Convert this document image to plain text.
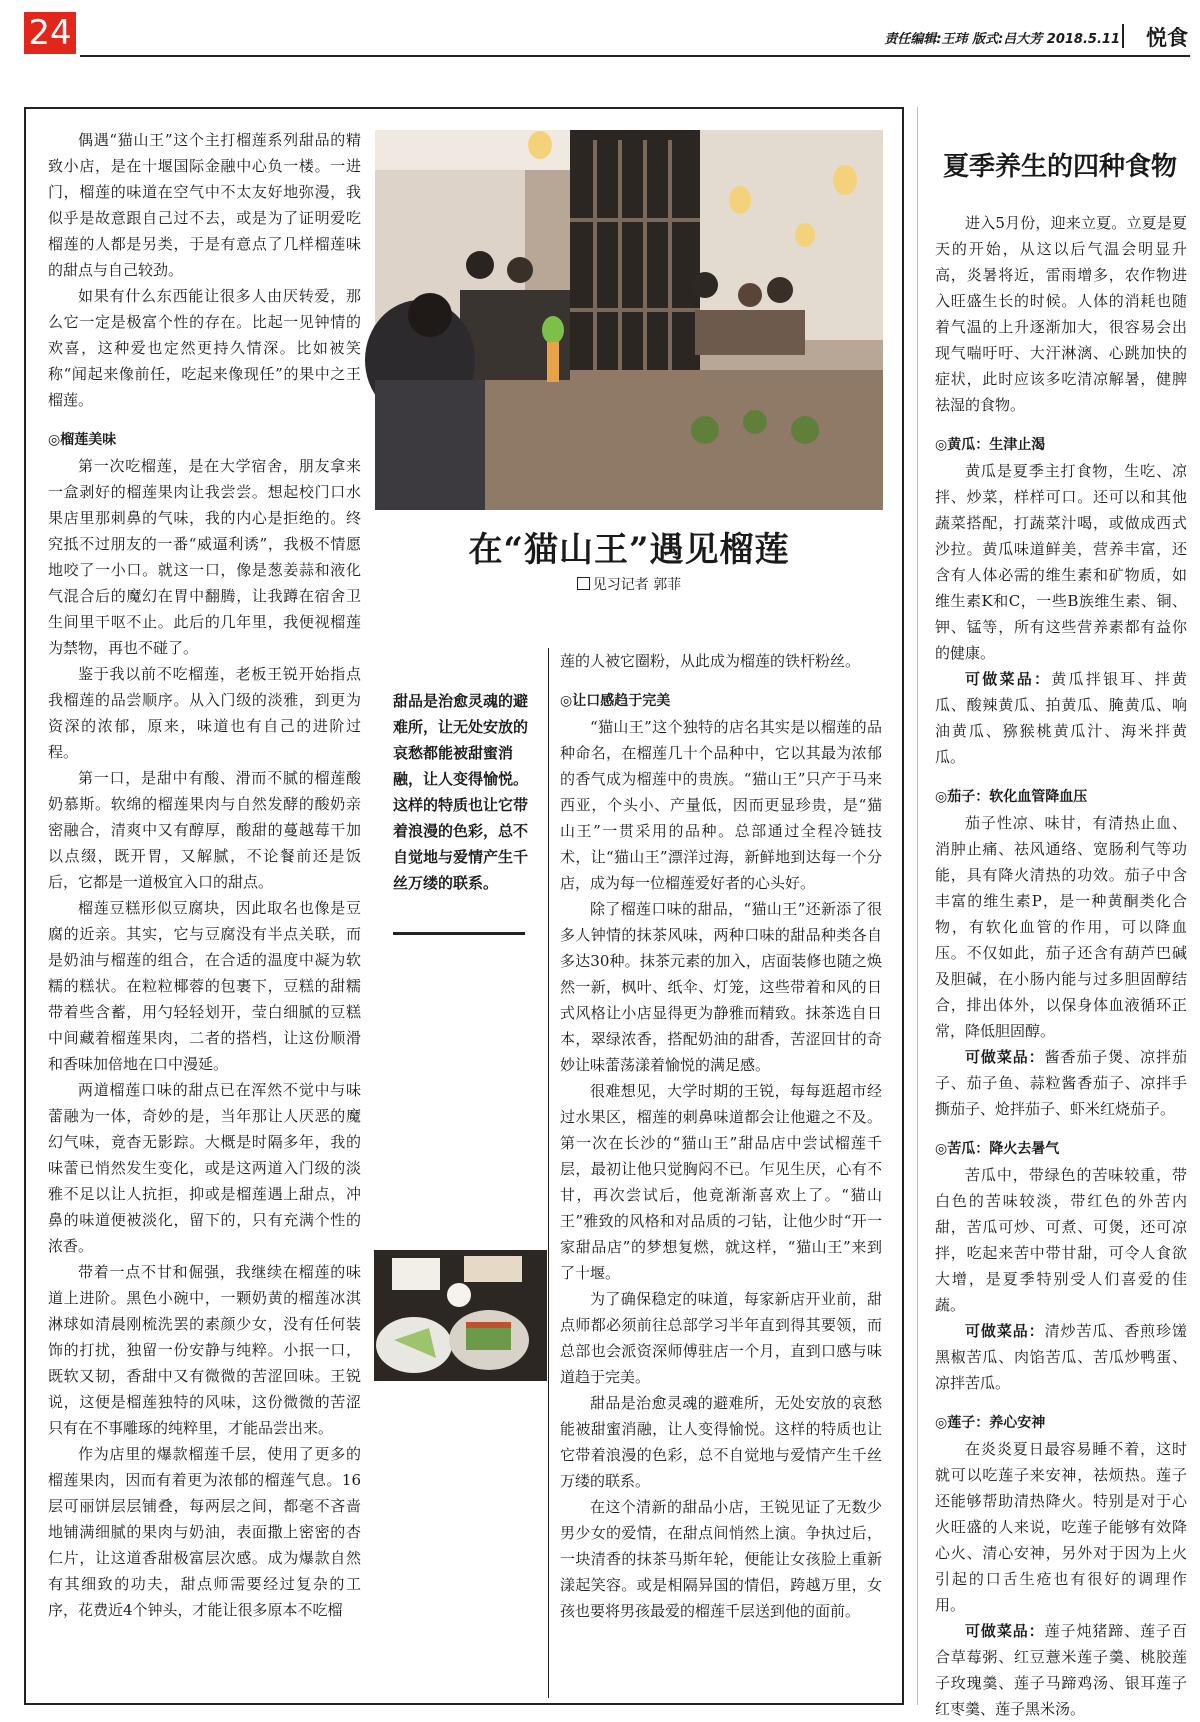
24	责任编辑:王玮 版式:吕大芳 2018.5.11 悦食

偶遇“猫山王”这个主打榴莲系列甜品的精致小店，是在十堰国际金融中心负一楼。一进门，榴莲的味道在空气中不太友好地弥漫，我似乎是故意跟自己过不去，或是为了证明爱吃榴莲的人都是另类，于是有意点了几样榴莲味的甜点与自己较劲。

如果有什么东西能让很多人由厌转爱，那么它一定是极富个性的存在。比起一见钟情的欢喜，这种爱也定然更持久情深。比如被笑称“闻起来像前任，吃起来像现任”的果中之王榴莲。

◎榴莲美味

第一次吃榴莲，是在大学宿舍，朋友拿来一盒剥好的榴莲果肉让我尝尝。想起校门口水果店里那刺鼻的气味，我的内心是拒绝的。终究抵不过朋友的一番“威逼利诱”，我极不情愿地咬了一小口。就这一口，像是葱姜蒜和液化气混合后的魔幻在胃中翻腾，让我蹲在宿舍卫生间里干呕不止。此后的几年里，我便视榴莲为禁物，再也不碰了。

鉴于我以前不吃榴莲，老板王锐开始指点我榴莲的品尝顺序。从入门级的淡雅，到更为资深的浓郁，原来，味道也有自己的进阶过程。

第一口，是甜中有酸、滑而不腻的榴莲酸奶慕斯。软绵的榴莲果肉与自然发酵的酸奶亲密融合，清爽中又有醇厚，酸甜的蔓越莓干加以点缀，既开胃，又解腻，不论餐前还是饭后，它都是一道极宜入口的甜点。

榴莲豆糕形似豆腐块，因此取名也像是豆腐的近亲。其实，它与豆腐没有半点关联，而是奶油与榴莲的组合，在合适的温度中凝为软糯的糕状。在粒粒椰蓉的包裹下，豆糕的甜糯带着些含蓄，用勺轻轻划开，莹白细腻的豆糕中间藏着榴莲果肉，二者的搭档，让这份顺滑和香味加倍地在口中漫延。

两道榴莲口味的甜点已在浑然不觉中与味蕾融为一体，奇妙的是，当年那让人厌恶的魔幻气味，竟杳无影踪。大概是时隔多年，我的味蕾已悄然发生变化，或是这两道入门级的淡雅不足以让人抗拒，抑或是榴莲遇上甜点，冲鼻的味道便被淡化，留下的，只有充满个性的浓香。

带着一点不甘和倔强，我继续在榴莲的味道上进阶。黑色小碗中，一颗奶黄的榴莲冰淇淋球如清晨刚梳洗罢的素颜少女，没有任何装饰的打扰，独留一份安静与纯粹。小抿一口，既软又韧，香甜中又有微微的苦涩回味。王锐说，这便是榴莲独特的风味，这份微微的苦涩只有在不事雕琢的纯粹里，才能品尝出来。

作为店里的爆款榴莲千层，使用了更多的榴莲果肉，因而有着更为浓郁的榴莲气息。16层可丽饼层层铺叠，每两层之间，都毫不吝啬地铺满细腻的果肉与奶油，表面撒上密密的杏仁片，让这道香甜极富层次感。成为爆款自然有其细致的功夫，甜点师需要经过复杂的工序，花费近4个钟头，才能让很多原本不吃榴

在“猫山王”遇见榴莲
见习记者 郭菲
甜品是治愈灵魂的避难所，让无处安放的哀愁都能被甜蜜消融，让人变得愉悦。这样的特质也让它带着浪漫的色彩，总不自觉地与爱情产生千丝万缕的联系。

莲的人被它圈粉，从此成为榴莲的铁杆粉丝。

◎让口感趋于完美

“猫山王”这个独特的店名其实是以榴莲的品种命名，在榴莲几十个品种中，它以其最为浓郁的香气成为榴莲中的贵族。“猫山王”只产于马来西亚，个头小、产量低，因而更显珍贵，是“猫山王”一贯采用的品种。总部通过全程冷链技术，让“猫山王”漂洋过海，新鲜地到达每一个分店，成为每一位榴莲爱好者的心头好。

除了榴莲口味的甜品，“猫山王”还新添了很多人钟情的抹茶风味，两种口味的甜品种类各自多达30种。抹茶元素的加入，店面装修也随之焕然一新，枫叶、纸伞、灯笼，这些带着和风的日式风格让小店显得更为静雅而精致。抹茶选自日本，翠绿浓香，搭配奶油的甜香，苦涩回甘的奇妙让味蕾荡漾着愉悦的满足感。

很难想见，大学时期的王锐，每每逛超市经过水果区，榴莲的刺鼻味道都会让他避之不及。第一次在长沙的“猫山王”甜品店中尝试榴莲千层，最初让他只觉胸闷不已。乍见生厌，心有不甘，再次尝试后，他竟渐渐喜欢上了。“猫山王”雅致的风格和对品质的刁钻，让他少时“开一家甜品店”的梦想复燃，就这样，“猫山王”来到了十堰。

为了确保稳定的味道，每家新店开业前，甜点师都必须前往总部学习半年直到得其要领，而总部也会派资深师傅驻店一个月，直到口感与味道趋于完美。

甜品是治愈灵魂的避难所，无处安放的哀愁能被甜蜜消融，让人变得愉悦。这样的特质也让它带着浪漫的色彩，总不自觉地与爱情产生千丝万缕的联系。

在这个清新的甜品小店，王锐见证了无数少男少女的爱情，在甜点间悄然上演。争执过后，一块清香的抹茶马斯年轮，便能让女孩脸上重新漾起笑容。或是相隔异国的情侣，跨越万里，女孩也要将男孩最爱的榴莲千层送到他的面前。

夏季养生的四种食物

进入5月份，迎来立夏。立夏是夏天的开始，从这以后气温会明显升高，炎暑将近，雷雨增多，农作物进入旺盛生长的时候。人体的消耗也随着气温的上升逐渐加大，很容易会出现气喘吁吁、大汗淋漓、心跳加快的症状，此时应该多吃清凉解暑，健脾祛湿的食物。

◎黄瓜：生津止渴

黄瓜是夏季主打食物，生吃、凉拌、炒菜，样样可口。还可以和其他蔬菜搭配，打蔬菜汁喝，或做成西式沙拉。黄瓜味道鲜美，营养丰富，还含有人体必需的维生素和矿物质，如维生素K和C，一些B族维生素、铜、钾、锰等，所有这些营养素都有益你的健康。

可做菜品：黄瓜拌银耳、拌黄瓜、酸辣黄瓜、拍黄瓜、腌黄瓜、响油黄瓜、猕猴桃黄瓜汁、海米拌黄瓜。

◎茄子：软化血管降血压

茄子性凉、味甘，有清热止血、消肿止痛、祛风通络、宽肠利气等功能，具有降火清热的功效。茄子中含丰富的维生素P，是一种黄酮类化合物，有软化血管的作用，可以降血压。不仅如此，茄子还含有葫芦巴碱及胆碱，在小肠内能与过多胆固醇结合，排出体外，以保身体血液循环正常，降低胆固醇。

可做菜品：酱香茄子煲、凉拌茄子、茄子鱼、蒜粒酱香茄子、凉拌手撕茄子、炝拌茄子、虾米红烧茄子。

◎苦瓜：降火去暑气

苦瓜中，带绿色的苦味较重，带白色的苦味较淡，带红色的外苦内甜，苦瓜可炒、可煮、可煲，还可凉拌，吃起来苦中带甘甜，可令人食欲大增，是夏季特别受人们喜爱的佳蔬。

可做菜品：清炒苦瓜、香煎珍馐黑椒苦瓜、肉馅苦瓜、苦瓜炒鸭蛋、凉拌苦瓜。

◎莲子：养心安神

在炎炎夏日最容易睡不着，这时就可以吃莲子来安神，祛烦热。莲子还能够帮助清热降火。特别是对于心火旺盛的人来说，吃莲子能够有效降心火、清心安神，另外对于因为上火引起的口舌生疮也有很好的调理作用。

可做菜品：莲子炖猪蹄、莲子百合草莓粥、红豆薏米莲子羹、桃胶莲子玫瑰羹、莲子马蹄鸡汤、银耳莲子红枣羹、莲子黑米汤。
